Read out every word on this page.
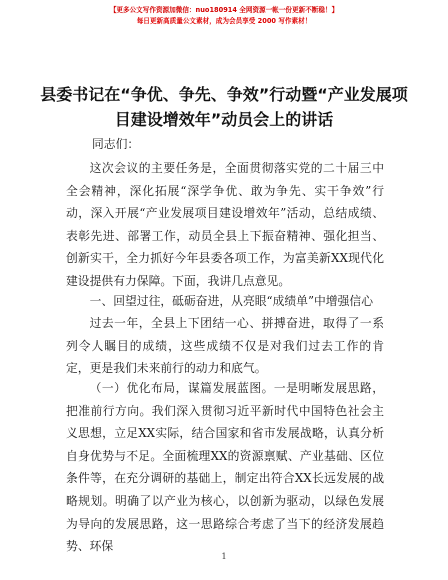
【更多公文写作资源加微信：nuo180914 全网资源一帐一份更新不断稳！】
每日更新高质量公文素材，成为会员享受 2000 写作素材！
县委书记在“争优、争先、争效”行动暨“产业发展项目建设增效年”动员会上的讲话
同志们：

这次会议的主要任务是，全面贯彻落实党的二十届三中全会精神，深化拓展“深学争优、敢为争先、实干争效”行动，深入开展“产业发展项目建设增效年”活动，总结成绩、表彰先进、部署工作，动员全县上下振奋精神、强化担当、创新实干，全力抓好今年县委各项工作，为富美新XX现代化建设提供有力保障。下面，我讲几点意见。

一、回望过往，砥砺奋进，从亮眼“成绩单”中增强信心

过去一年，全县上下团结一心、拼搏奋进，取得了一系列令人瞩目的成绩，这些成绩不仅是对我们过去工作的肯定，更是我们未来前行的动力和底气。

（一）优化布局，谋篇发展蓝图。一是明晰发展思路，把准前行方向。我们深入贯彻习近平新时代中国特色社会主义思想，立足XX实际，结合国家和省市发展战略，认真分析自身优势与不足。全面梳理XX的资源禀赋、产业基础、区位条件等，在充分调研的基础上，制定出符合XX长远发展的战略规划。明确了以产业为核心，以创新为驱动，以绿色发展为导向的发展思路，这一思路综合考虑了当下的经济发展趋势、环保

1
